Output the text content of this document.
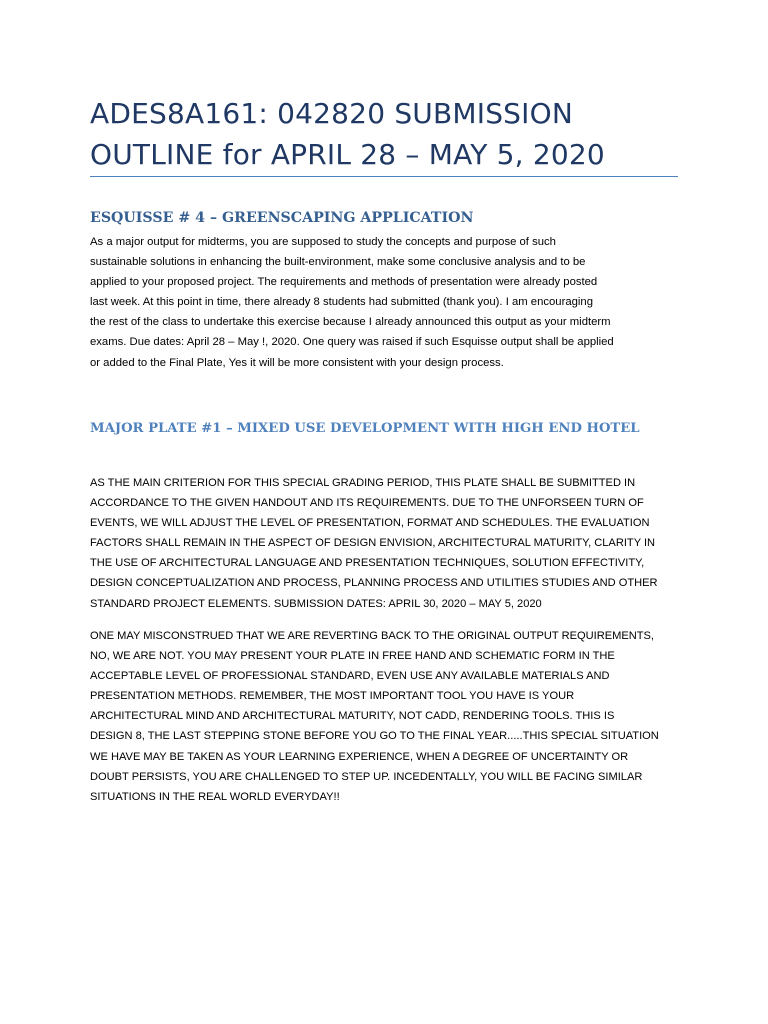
ADES8A161: 042820 SUBMISSION
OUTLINE for APRIL 28 – MAY 5, 2020
ESQUISSE # 4 – GREENSCAPING APPLICATION
As a major output for midterms, you are supposed to study the concepts and purpose of such
sustainable solutions in enhancing the built-environment, make some conclusive analysis and to be
applied to your proposed project. The requirements and methods of presentation were already posted
last week. At this point in time, there already 8 students had submitted (thank you). I am encouraging
the rest of the class to undertake this exercise because I already announced this output as your midterm
exams. Due dates: April 28 – May !, 2020. One query was raised if such Esquisse output shall be applied
or added to the Final Plate, Yes it will be more consistent with your design process.
MAJOR PLATE #1 – MIXED USE DEVELOPMENT WITH HIGH END HOTEL
AS THE MAIN CRITERION FOR THIS SPECIAL GRADING PERIOD, THIS PLATE SHALL BE SUBMITTED IN
ACCORDANCE TO THE GIVEN HANDOUT AND ITS REQUIREMENTS. DUE TO THE UNFORSEEN TURN OF
EVENTS, WE WILL ADJUST THE LEVEL OF PRESENTATION, FORMAT AND SCHEDULES. THE EVALUATION
FACTORS SHALL REMAIN IN THE ASPECT OF DESIGN ENVISION, ARCHITECTURAL MATURITY, CLARITY IN
THE USE OF ARCHITECTURAL LANGUAGE AND PRESENTATION TECHNIQUES, SOLUTION EFFECTIVITY,
DESIGN CONCEPTUALIZATION AND PROCESS, PLANNING PROCESS AND UTILITIES STUDIES AND OTHER
STANDARD PROJECT ELEMENTS. SUBMISSION DATES: APRIL 30, 2020 – MAY 5, 2020
ONE MAY MISCONSTRUED THAT WE ARE REVERTING BACK TO THE ORIGINAL OUTPUT REQUIREMENTS,
NO, WE ARE NOT. YOU MAY PRESENT YOUR PLATE IN FREE HAND AND SCHEMATIC FORM IN THE
ACCEPTABLE LEVEL OF PROFESSIONAL STANDARD, EVEN USE ANY AVAILABLE MATERIALS AND
PRESENTATION METHODS. REMEMBER, THE MOST IMPORTANT TOOL YOU HAVE IS YOUR
ARCHITECTURAL MIND AND ARCHITECTURAL MATURITY, NOT CADD, RENDERING TOOLS. THIS IS
DESIGN 8, THE LAST STEPPING STONE BEFORE YOU GO TO THE FINAL YEAR.....THIS SPECIAL SITUATION
WE HAVE MAY BE TAKEN AS YOUR LEARNING EXPERIENCE, WHEN A DEGREE OF UNCERTAINTY OR
DOUBT PERSISTS, YOU ARE CHALLENGED TO STEP UP. INCEDENTALLY, YOU WILL BE FACING SIMILAR
SITUATIONS IN THE REAL WORLD EVERYDAY!!
